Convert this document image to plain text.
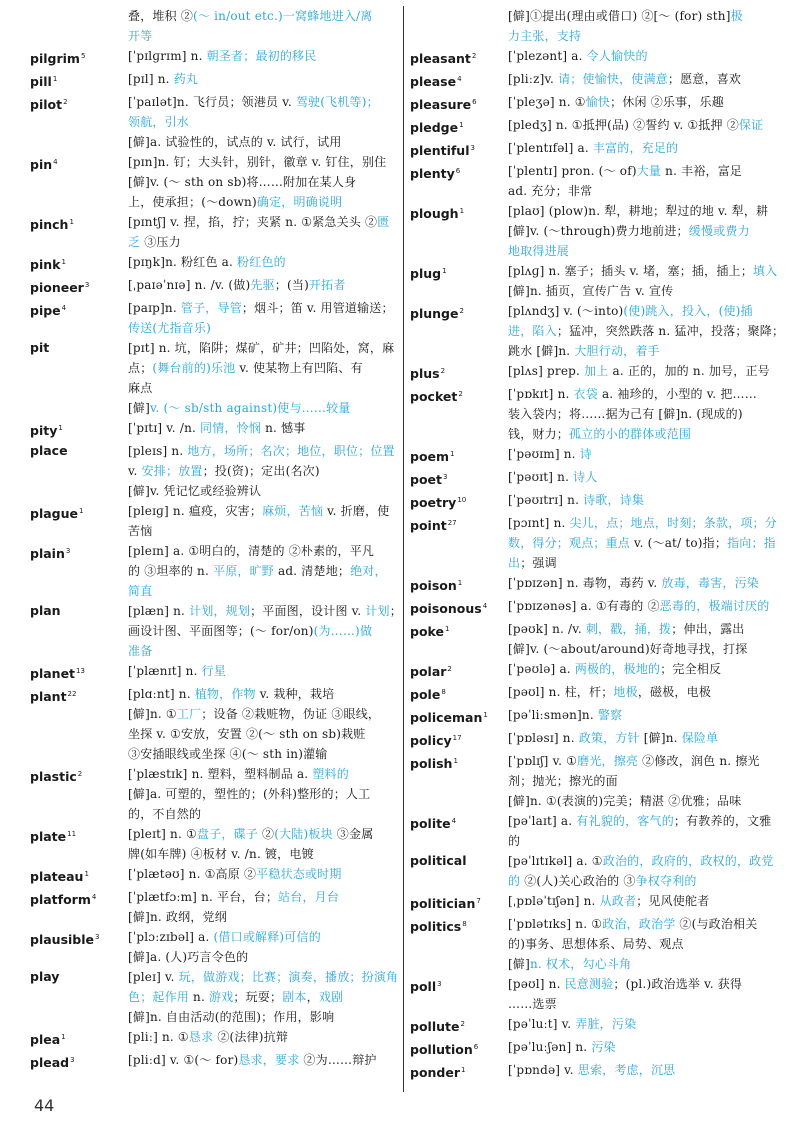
叠，堆积 ②(～ in/out etc.)一窝蜂地进入/离
开等
pilgrim$^5$	[ˈpɪlɡrɪm] n. 朝圣者；最初的移民
pill$^1$	[pɪl] n. 药丸
pilot$^2$	[ˈpaɪlət]n. 飞行员；领港员 v. 驾驶(飞机等)；
领航，引水
[僻]a. 试验性的，试点的 v. 试行，试用
pin$^4$	[pɪn]n. 钉；大头针，别针，徽章 v. 钉住，别住
[僻]v. (～ sth on sb)将……附加在某人身
上，使承担；(～down)确定，明确说明
pinch$^1$	[pɪntʃ] v. 捏，掐，拧；夹紧 n. ①紧急关头 ②匮
乏 ③压力
pink$^1$	[pɪŋk]n. 粉红色 a. 粉红色的
pioneer$^3$	[ˌpaɪəˈnɪə] n. /v. (做)先驱；(当)开拓者
pipe$^4$	[paɪp]n. 管子，导管；烟斗；笛 v. 用管道输送；
传送(尤指音乐)
pit	[pɪt] n. 坑，陷阱；煤矿，矿井；凹陷处，窝，麻
点；(舞台前的)乐池 v. 使某物上有凹陷、有
麻点
[僻]v. (～ sb/sth against)使与……较量
pity$^1$	[ˈpɪtɪ] v. /n. 同情，怜悯 n. 憾事
place	[pleɪs] n. 地方，场所；名次；地位，职位；位置
v. 安排；放置；投(资)；定出(名次)
[僻]v. 凭记忆或经验辨认
plague$^1$	[pleɪɡ] n. 瘟疫，灾害；麻烦，苦恼 v. 折磨，使
苦恼
plain$^3$	[pleɪn] a. ①明白的，清楚的 ②朴素的，平凡
的 ③坦率的 n. 平原，旷野 ad. 清楚地；绝对，
简直
plan	[plæn] n. 计划，规划；平面图，设计图 v. 计划；
画设计图、平面图等；(～ for/on)(为……)做
准备
planet$^{13}$	[ˈplænɪt] n. 行星
plant$^{22}$	[plɑːnt] n. 植物，作物 v. 栽种，栽培
[僻]n. ①工厂；设备 ②栽赃物，伪证 ③眼线，
坐探 v. ①安放，安置 ②(～ sth on sb)栽赃
③安插眼线或坐探 ④(～ sth in)灌输
plastic$^2$	[ˈplæstɪk] n. 塑料，塑料制品 a. 塑料的
[僻]a. 可塑的，塑性的；(外科)整形的；人工
的，不自然的
plate$^{11}$	[pleɪt] n. ①盘子，碟子 ②(大陆)板块 ③金属
牌(如车牌) ④板材 v. /n. 镀，电镀
plateau$^1$	[ˈplætəʊ] n. ①高原 ②平稳状态或时期
platform$^4$	[ˈplætfɔːm] n. 平台，台；站台，月台
[僻]n. 政纲，党纲
plausible$^3$	[ˈplɔːzɪbəl] a. (借口或解释)可信的
[僻]a. (人)巧言令色的
play	[pleɪ] v. 玩，做游戏；比赛；演奏，播放；扮演角
色；起作用 n. 游戏；玩耍；剧本，戏剧
[僻]n. 自由活动(的范围)；作用，影响
plea$^1$	[pliː] n. ①恳求 ②(法律)抗辩
plead$^3$	[pliːd] v. ①(～ for)恳求，要求 ②为……辩护
[僻]①提出(理由或借口) ②[～ (for) sth]极
力主张，支持
pleasant$^2$	[ˈplezənt] a. 令人愉快的
please$^4$	[pliːz]v. 请；使愉快，使满意；愿意，喜欢
pleasure$^6$	[ˈpleʒə] n. ①愉快；休闲 ②乐事，乐趣
pledge$^1$	[pledʒ] n. ①抵押(品) ②誓约 v. ①抵押 ②保证
plentiful$^3$	[ˈplentɪfəl] a. 丰富的，充足的
plenty$^6$	[ˈplentɪ] pron. (～ of)大量 n. 丰裕，富足
ad. 充分；非常
plough$^1$	[plaʊ] (plow)n. 犁，耕地；犁过的地 v. 犁，耕
[僻]v. (～through)费力地前进；缓慢或费力
地取得进展
plug$^1$	[plʌɡ] n. 塞子；插头 v. 堵，塞；插，插上；填入
[僻]n. 插页，宣传广告 v. 宣传
plunge$^2$	[plʌndʒ] v. (～into)(使)跳入，投入，(使)插
进，陷入；猛冲，突然跌落 n. 猛冲，投落；聚降；
跳水 [僻]n. 大胆行动，着手
plus$^2$	[plʌs] prep. 加上 a. 正的，加的 n. 加号，正号
pocket$^2$	[ˈpɒkɪt] n. 衣袋 a. 袖珍的，小型的 v. 把……
装入袋内；将……据为己有 [僻]n. (现成的)
钱，财力；孤立的小的群体或范围
poem$^1$	[ˈpəʊɪm] n. 诗
poet$^3$	[ˈpəʊɪt] n. 诗人
poetry$^{10}$	[ˈpəʊɪtrɪ] n. 诗歌，诗集
point$^{27}$	[pɔɪnt] n. 尖儿，点；地点，时刻；条款，项；分
数，得分；观点；重点 v. (～at/ to)指；指向；指
出；强调
poison$^1$	[ˈpɒɪzən] n. 毒物，毒药 v. 放毒，毒害，污染
poisonous$^4$	[ˈpɒɪzənəs] a. ①有毒的 ②恶毒的，极端讨厌的
poke$^1$	[pəʊk] n. /v. 刺，戳，捅，拨；伸出，露出
[僻]v. (～about/around)好奇地寻找，打探
polar$^2$	[ˈpəʊlə] a. 两极的，极地的；完全相反
pole$^8$	[pəʊl] n. 柱，杆；地极，磁极，电极
policeman$^1$	[pəˈliːsmən]n. 警察
policy$^{17}$	[ˈpɒləsɪ] n. 政策，方针 [僻]n. 保险单
polish$^1$	[ˈpɒlɪʃ] v. ①磨光，擦亮 ②修改，润色 n. 擦光
剂；抛光；擦光的面
[僻]n. ①(表演的)完美；精湛 ②优雅；品味
polite$^4$	[pəˈlaɪt] a. 有礼貌的，客气的；有教养的，文雅
的
political	[pəˈlɪtɪkəl] a. ①政治的，政府的，政权的，政党
的 ②(人)关心政治的 ③争权夺利的
politician$^7$	[ˌpɒləˈtɪʃən] n. 从政者；见风使舵者
politics$^8$	[ˈpɒlətɪks] n. ①政治，政治学 ②(与政治相关
的)事务、思想体系、局势、观点
[僻]n. 权术，勾心斗角
poll$^3$	[pəʊl] n. 民意测验；(pl.)政治选举 v. 获得
……选票
pollute$^2$	[pəˈluːt] v. 弄脏，污染
pollution$^6$	[pəˈluːʃən] n. 污染
ponder$^1$	[ˈpɒndə] v. 思索，考虑，沉思
44
